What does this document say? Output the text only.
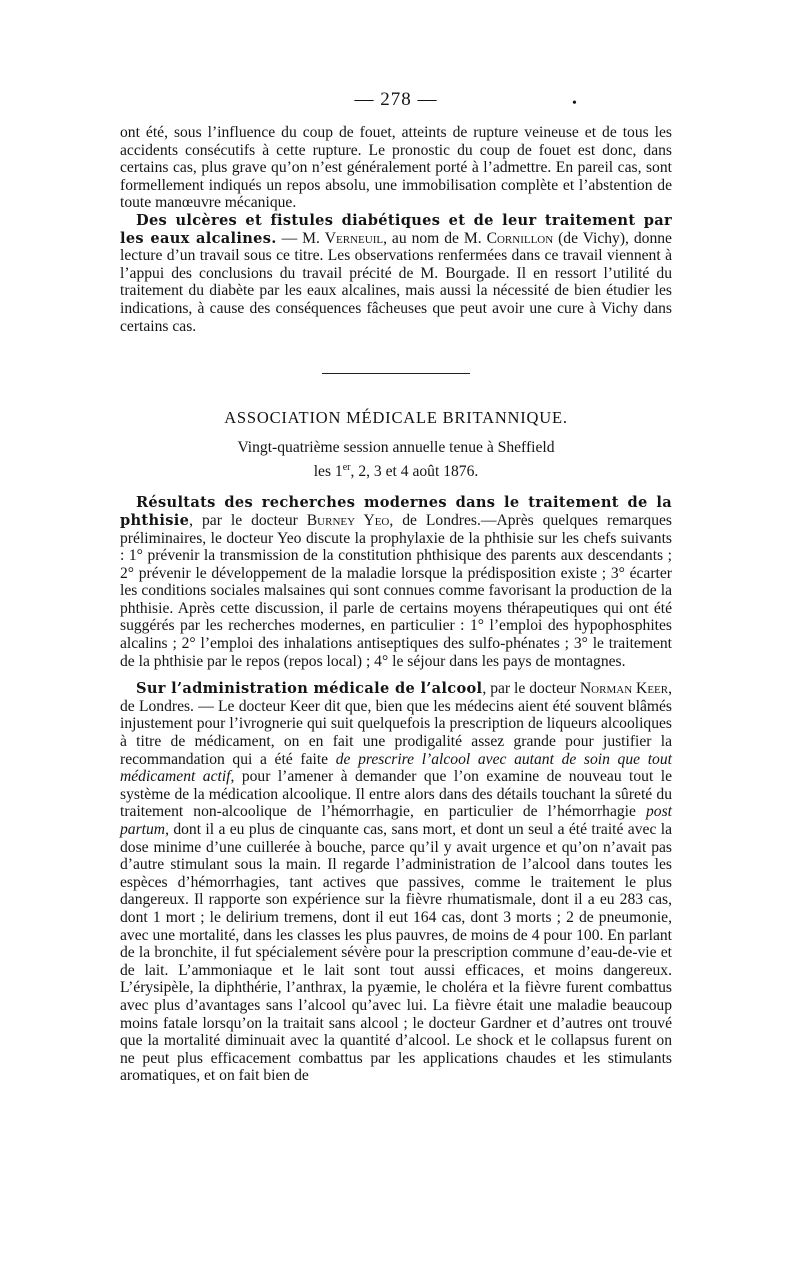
— 278 —	•

ont été, sous l’influence du coup de fouet, atteints de rupture veineuse et de tous les accidents consécutifs à cette rupture. Le pronostic du coup de fouet est donc, dans certains cas, plus grave qu’on n’est généralement porté à l’admettre. En pareil cas, sont formellement indiqués un repos absolu, une immobilisation complète et l’abstention de toute manœuvre mécanique.

Des ulcères et fistules diabétiques et de leur traitement par les eaux alcalines. — M. Verneuil, au nom de M. Cornillon (de Vichy), donne lecture d’un travail sous ce titre. Les observations renfermées dans ce travail viennent à l’appui des conclusions du travail précité de M. Bourgade. Il en ressort l’utilité du traitement du diabète par les eaux alcalines, mais aussi la nécessité de bien étudier les indications, à cause des conséquences fâcheuses que peut avoir une cure à Vichy dans certains cas.

ASSOCIATION MÉDICALE BRITANNIQUE.
Vingt-quatrième session annuelle tenue à Sheffield
les 1er, 2, 3 et 4 août 1876.

Résultats des recherches modernes dans le traitement de la phthisie, par le docteur Burney Yeo, de Londres.—Après quelques remarques préliminaires, le docteur Yeo discute la prophylaxie de la phthisie sur les chefs suivants : 1° prévenir la transmission de la constitution phthisique des parents aux descendants ; 2° prévenir le développement de la maladie lorsque la prédisposition existe ; 3° écarter les conditions sociales malsaines qui sont connues comme favorisant la production de la phthisie. Après cette discussion, il parle de certains moyens thérapeutiques qui ont été suggérés par les recherches modernes, en particulier : 1° l’emploi des hypophosphites alcalins ; 2° l’emploi des inhalations antiseptiques des sulfo-phénates ; 3° le traitement de la phthisie par le repos (repos local) ; 4° le séjour dans les pays de montagnes.

Sur l’administration médicale de l’alcool, par le docteur Norman Keer, de Londres. — Le docteur Keer dit que, bien que les médecins aient été souvent blâmés injustement pour l’ivrognerie qui suit quelquefois la prescription de liqueurs alcooliques à titre de médicament, on en fait une prodigalité assez grande pour justifier la recommandation qui a été faite de prescrire l’alcool avec autant de soin que tout médicament actif, pour l’amener à demander que l’on examine de nouveau tout le système de la médication alcoolique. Il entre alors dans des détails touchant la sûreté du traitement non-alcoolique de l’hémorrhagie, en particulier de l’hémorrhagie post partum, dont il a eu plus de cinquante cas, sans mort, et dont un seul a été traité avec la dose minime d’une cuillerée à bouche, parce qu’il y avait urgence et qu’on n’avait pas d’autre stimulant sous la main. Il regarde l’administration de l’alcool dans toutes les espèces d’hémorrhagies, tant actives que passives, comme le traitement le plus dangereux. Il rapporte son expérience sur la fièvre rhumatismale, dont il a eu 283 cas, dont 1 mort ; le delirium tremens, dont il eut 164 cas, dont 3 morts ; 2 de pneumonie, avec une mortalité, dans les classes les plus pauvres, de moins de 4 pour 100. En parlant de la bronchite, il fut spécialement sévère pour la prescription commune d’eau-de-vie et de lait. L’ammoniaque et le lait sont tout aussi efficaces, et moins dangereux. L’érysipèle, la diphthérie, l’anthrax, la pyæmie, le choléra et la fièvre furent combattus avec plus d’avantages sans l’alcool qu’avec lui. La fièvre était une maladie beaucoup moins fatale lorsqu’on la traitait sans alcool ; le docteur Gardner et d’autres ont trouvé que la mortalité diminuait avec la quantité d’alcool. Le shock et le collapsus furent on ne peut plus efficacement combattus par les applications chaudes et les stimulants aromatiques, et on fait bien de
